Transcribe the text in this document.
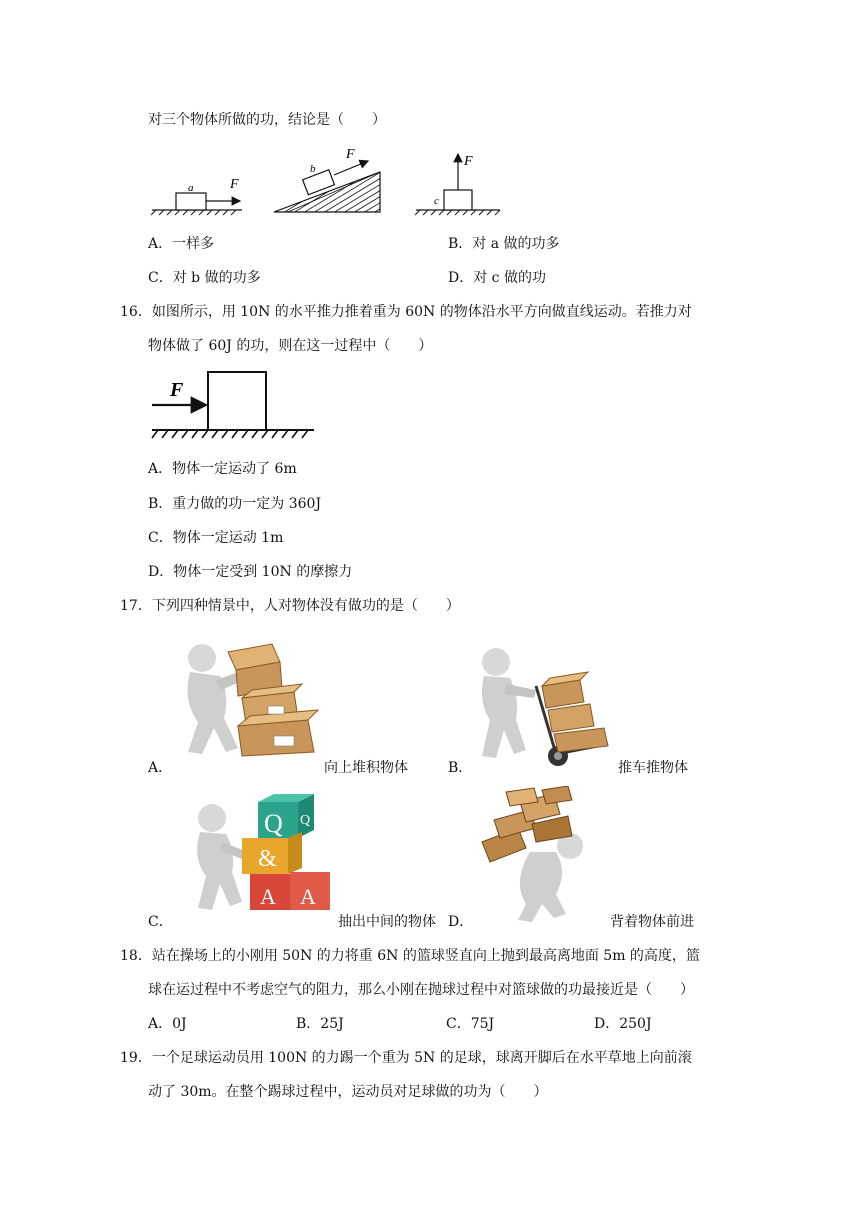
对三个物体所做的功，结论是（　　）
a	F
b
F
c
F
A．一样多	B．对 a 做的功多
C．对 b 做的功多	D．对 c 做的功
16．如图所示，用 10N 的水平推力推着重为 60N 的物体沿水平方向做直线运动。若推力对
物体做了 60J 的功，则在这一过程中（　　）
F
A．物体一定运动了 6m
B．重力做的功一定为 360J
C．物体一定运动 1m
D．物体一定受到 10N 的摩擦力
17．下列四种情景中，人对物体没有做功的是（　　）
A．	向上堆积物体	B．	推车推物体
Q Q
&
A A
C．	抽出中间的物体 D．	背着物体前进
18．站在操场上的小刚用 50N 的力将重 6N 的篮球竖直向上抛到最高离地面 5m 的高度，篮
球在运过程中不考虑空气的阻力，那么小刚在抛球过程中对篮球做的功最接近是（　　）
A．0J	B．25J	C．75J	D．250J
19．一个足球运动员用 100N 的力踢一个重为 5N 的足球，球离开脚后在水平草地上向前滚
动了 30m。在整个踢球过程中，运动员对足球做的功为（　　）
